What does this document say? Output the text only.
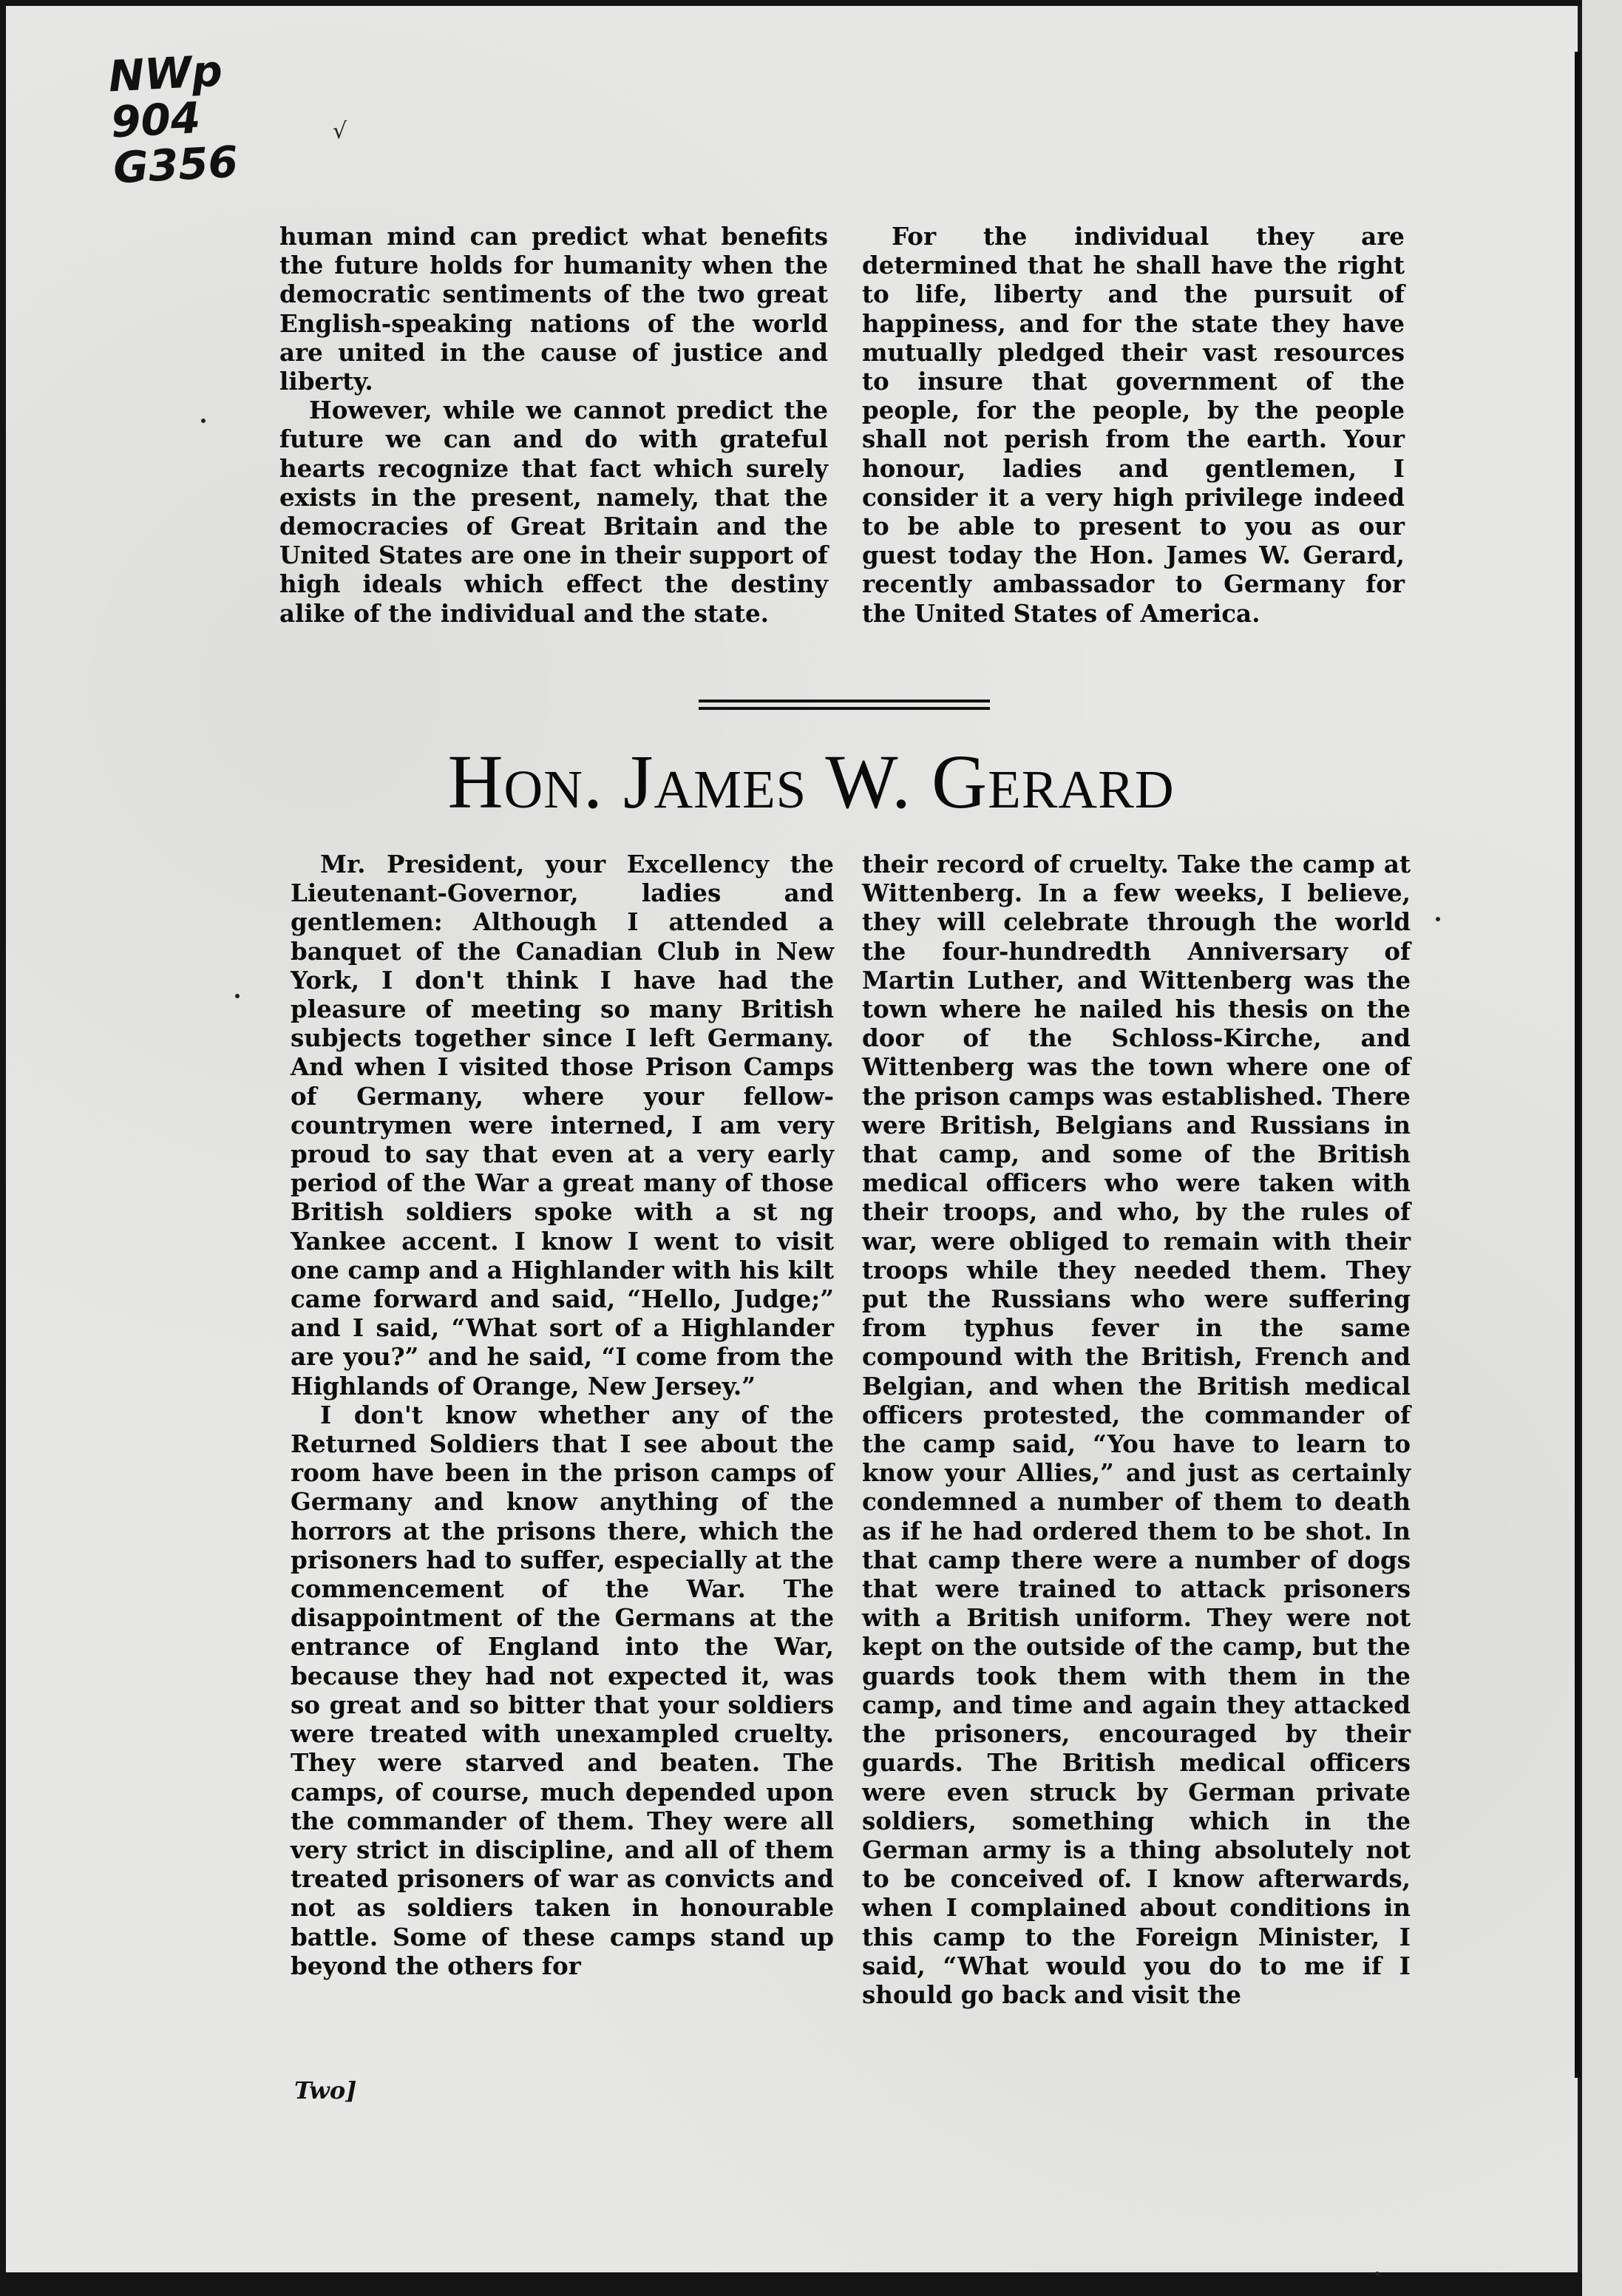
NWp
904
G356
√

human mind can predict what benefits the future holds for humanity when the democratic sentiments of the two great English-speaking nations of the world are united in the cause of justice and liberty.

However, while we cannot predict the future we can and do with grateful hearts recognize that fact which surely exists in the present, namely, that the democracies of Great Britain and the United States are one in their support of high ideals which effect the destiny alike of the individual and the state.

For the individual they are determined that he shall have the right to life, liberty and the pursuit of happiness, and for the state they have mutually pledged their vast resources to insure that government of the people, for the people, by the people shall not perish from the earth. Your honour, ladies and gentlemen, I consider it a very high privilege indeed to be able to present to you as our guest today the Hon. James W. Gerard, recently ambassador to Germany for the United States of America.

Hon. James W. Gerard

Mr. President, your Excellency the Lieutenant-Governor, ladies and gentlemen: Although I attended a banquet of the Canadian Club in New York, I don't think I have had the pleasure of meeting so many British subjects together since I left Germany. And when I visited those Prison Camps of Germany, where your fellow-countrymen were interned, I am very proud to say that even at a very early period of the War a great many of those British soldiers spoke with a st ng Yankee accent. I know I went to visit one camp and a Highlander with his kilt came forward and said, “Hello, Judge;” and I said, “What sort of a Highlander are you?” and he said, “I come from the Highlands of Orange, New Jersey.”

I don't know whether any of the Returned Soldiers that I see about the room have been in the prison camps of Germany and know anything of the horrors at the prisons there, which the prisoners had to suffer, especially at the commencement of the War. The disappointment of the Germans at the entrance of England into the War, because they had not expected it, was so great and so bitter that your soldiers were treated with unexampled cruelty. They were starved and beaten. The camps, of course, much depended upon the commander of them. They were all very strict in discipline, and all of them treated prisoners of war as convicts and not as soldiers taken in honourable battle. Some of these camps stand up beyond the others for

their record of cruelty. Take the camp at Wittenberg. In a few weeks, I believe, they will celebrate through the world the four-hundredth Anniversary of Martin Luther, and Wittenberg was the town where he nailed his thesis on the door of the Schloss-Kirche, and Wittenberg was the town where one of the prison camps was established. There were British, Belgians and Russians in that camp, and some of the British medical officers who were taken with their troops, and who, by the rules of war, were obliged to remain with their troops while they needed them. They put the Russians who were suffering from typhus fever in the same compound with the British, French and Belgian, and when the British medical officers protested, the commander of the camp said, “You have to learn to know your Allies,” and just as certainly condemned a number of them to death as if he had ordered them to be shot. In that camp there were a number of dogs that were trained to attack prisoners with a British uniform. They were not kept on the outside of the camp, but the guards took them with them in the camp, and time and again they attacked the prisoners, encouraged by their guards. The British medical officers were even struck by German private soldiers, something which in the German army is a thing absolutely not to be conceived of. I know afterwards, when I complained about conditions in this camp to the Foreign Minister, I said, “What would you do to me if I should go back and visit the

Two]
